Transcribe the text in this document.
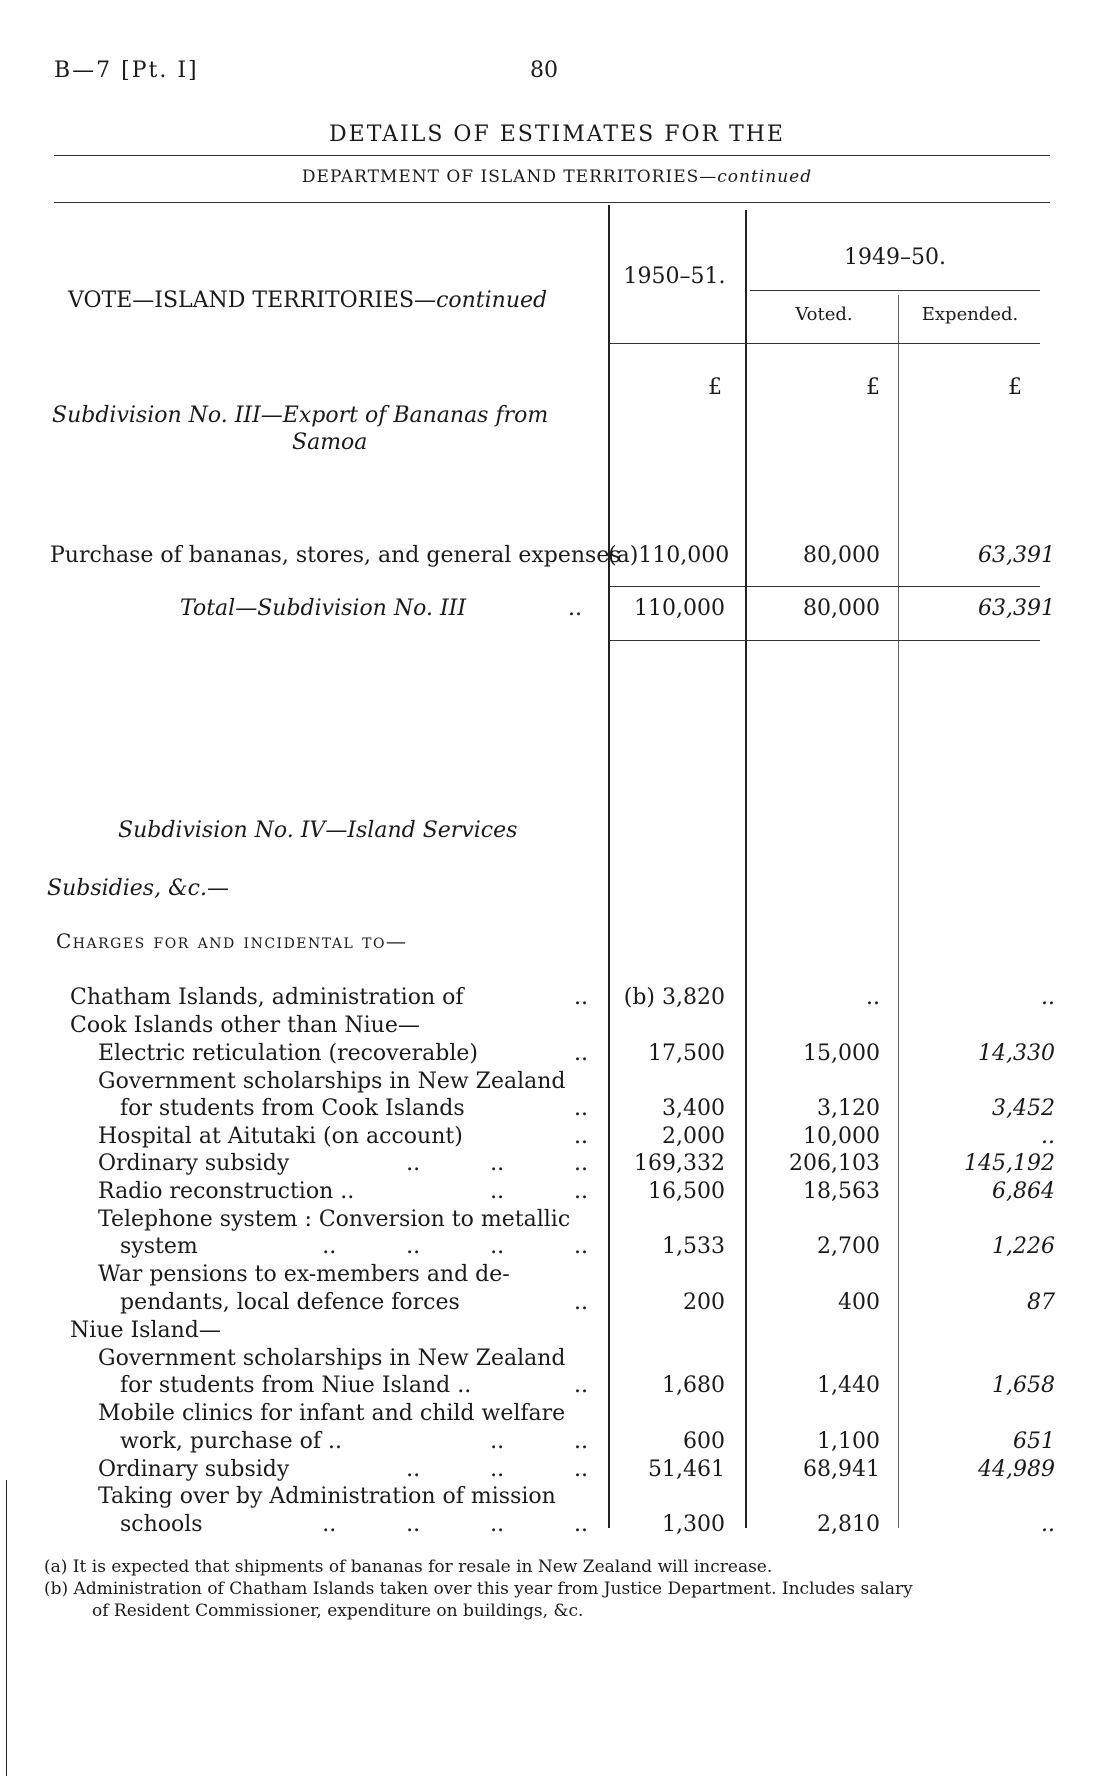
B—7 [Pt. I]	80
DETAILS OF ESTIMATES FOR THE
DEPARTMENT OF ISLAND TERRITORIES—continued
VOTE—ISLAND TERRITORIES—continued
1950–51.
1949–50.
Voted.	Expended.
£	£	£
Subdivision No. III—Export of Bananas from
Samoa
Purchase of bananas, stores, and general expenses
(a)110,000	80,000	63,391
Total—Subdivision No. III	..	110,000	80,000	63,391
Subdivision No. IV—Island Services
Subsidies, &c.—
Charges for and incidental to—
Chatham Islands, administration of	..	(b) 3,820	..	..
Cook Islands other than Niue—
Electric reticulation (recoverable)	..	17,500	15,000	14,330
Government scholarships in New Zealand
for students from Cook Islands	..	3,400	3,120	3,452
Hospital at Aitutaki (on account)	..	2,000	10,000	..
Ordinary subsidy	..          ..          ..	169,332	206,103	145,192
Radio reconstruction ..	..          ..	16,500	18,563	6,864
Telephone system : Conversion to metallic
system	..          ..          ..          ..	1,533	2,700	1,226
War pensions to ex-members and de-
pendants, local defence forces	..	200	400	87
Niue Island—
Government scholarships in New Zealand
for students from Niue Island ..	..	1,680	1,440	1,658
Mobile clinics for infant and child welfare
work, purchase of ..	..          ..	600	1,100	651
Ordinary subsidy	..          ..          ..	51,461	68,941	44,989
Taking over by Administration of mission
schools	..          ..          ..          ..	1,300	2,810	..
(a) It is expected that shipments of bananas for resale in New Zealand will increase.
(b) Administration of Chatham Islands taken over this year from Justice Department. Includes salary
of Resident Commissioner, expenditure on buildings, &c.
